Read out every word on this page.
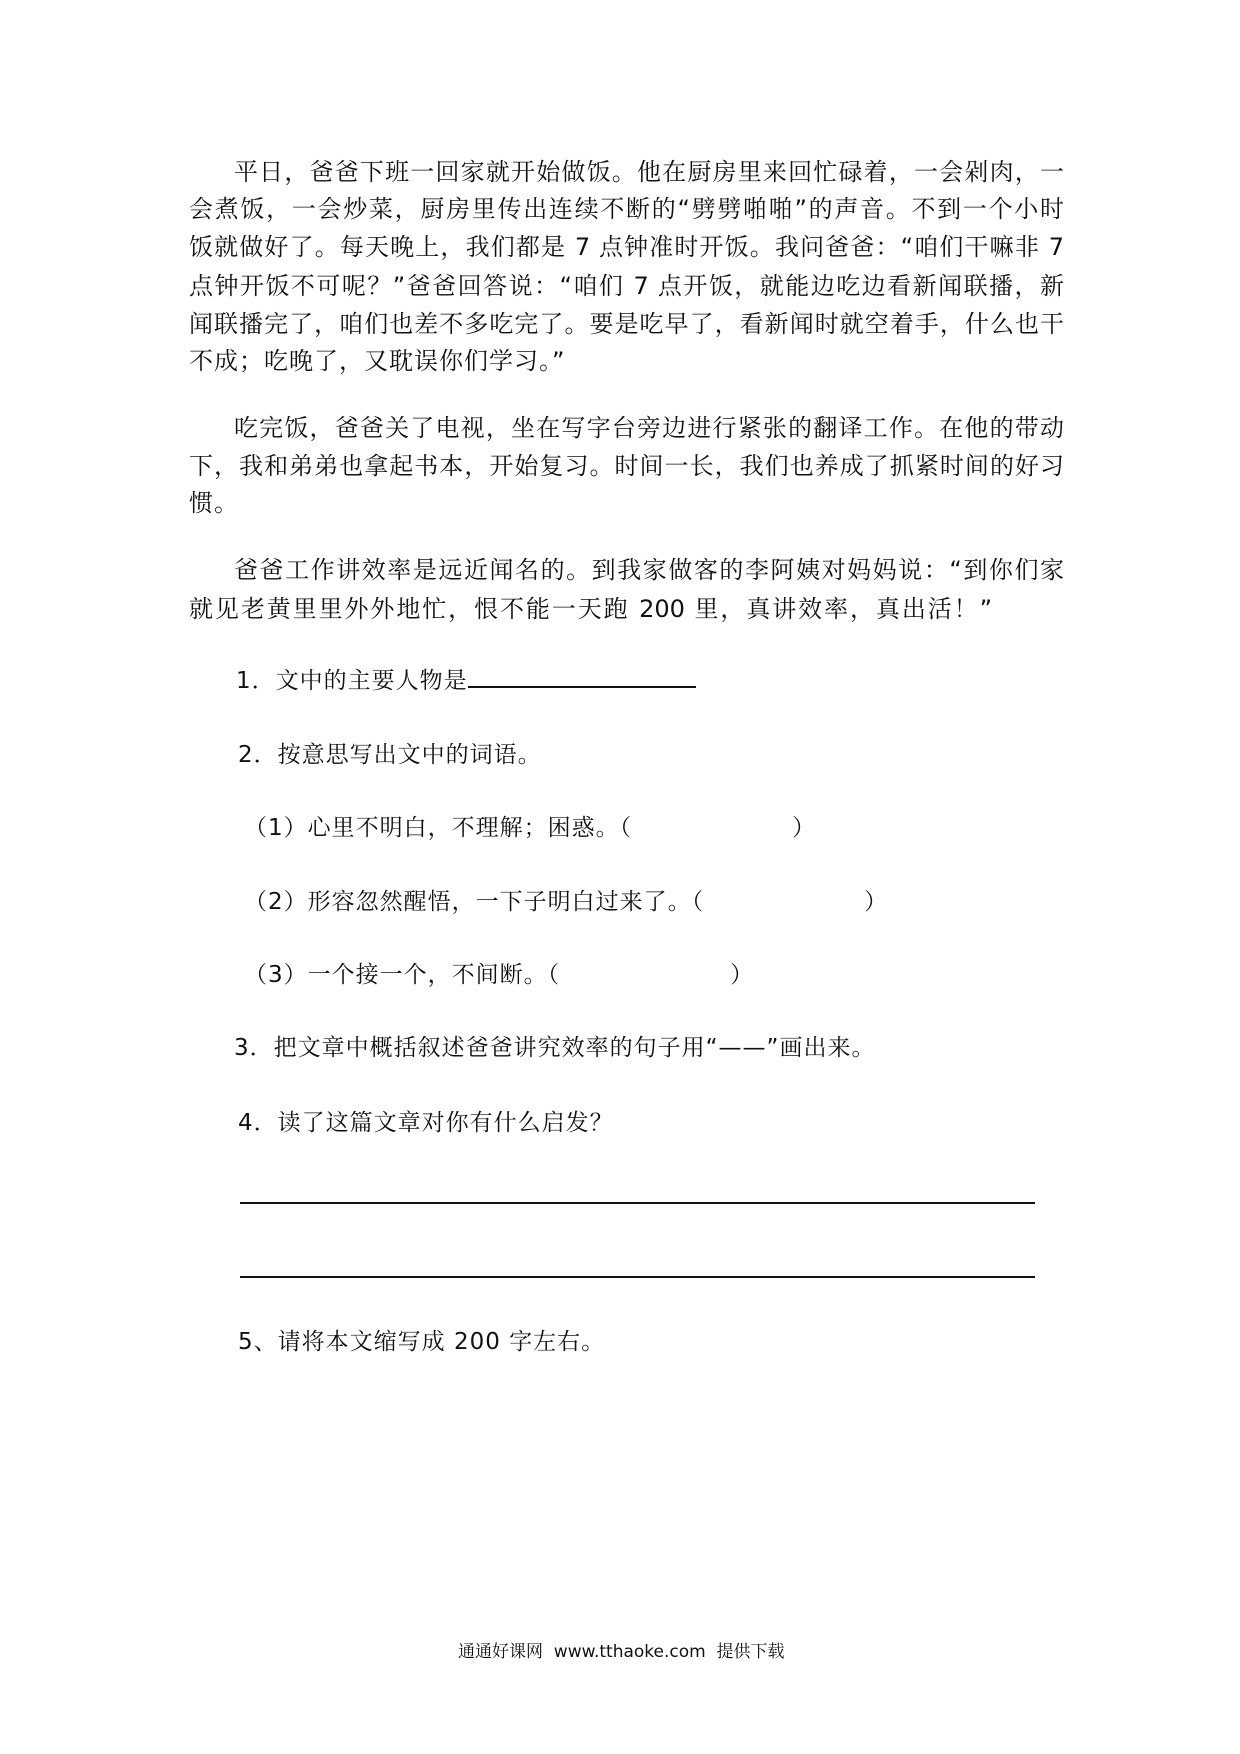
平日，爸爸下班一回家就开始做饭。他在厨房里来回忙碌着，一会剁肉，一
会煮饭，一会炒菜，厨房里传出连续不断的“劈劈啪啪”的声音。不到一个小时
饭就做好了。每天晚上，我们都是 7 点钟准时开饭。我问爸爸：“咱们干嘛非 7
点钟开饭不可呢？”爸爸回答说：“咱们 7 点开饭，就能边吃边看新闻联播，新
闻联播完了，咱们也差不多吃完了。要是吃早了，看新闻时就空着手，什么也干
不成；吃晚了，又耽误你们学习。”
吃完饭，爸爸关了电视，坐在写字台旁边进行紧张的翻译工作。在他的带动
下，我和弟弟也拿起书本，开始复习。时间一长，我们也养成了抓紧时间的好习
惯。
爸爸工作讲效率是远近闻名的。到我家做客的李阿姨对妈妈说：“到你们家
就见老黄里里外外地忙，恨不能一天跑 200 里，真讲效率，真出活！”
1．文中的主要人物是
2．按意思写出文中的词语。
（1）心里不明白，不理解；困惑。（	）
（2）形容忽然醒悟，一下子明白过来了。（	）
（3）一个接一个，不间断。（	）
3．把文章中概括叙述爸爸讲究效率的句子用“——”画出来。
4．读了这篇文章对你有什么启发？
5、请将本文缩写成 200 字左右。
通通好课网  www.tthaoke.com  提供下载
